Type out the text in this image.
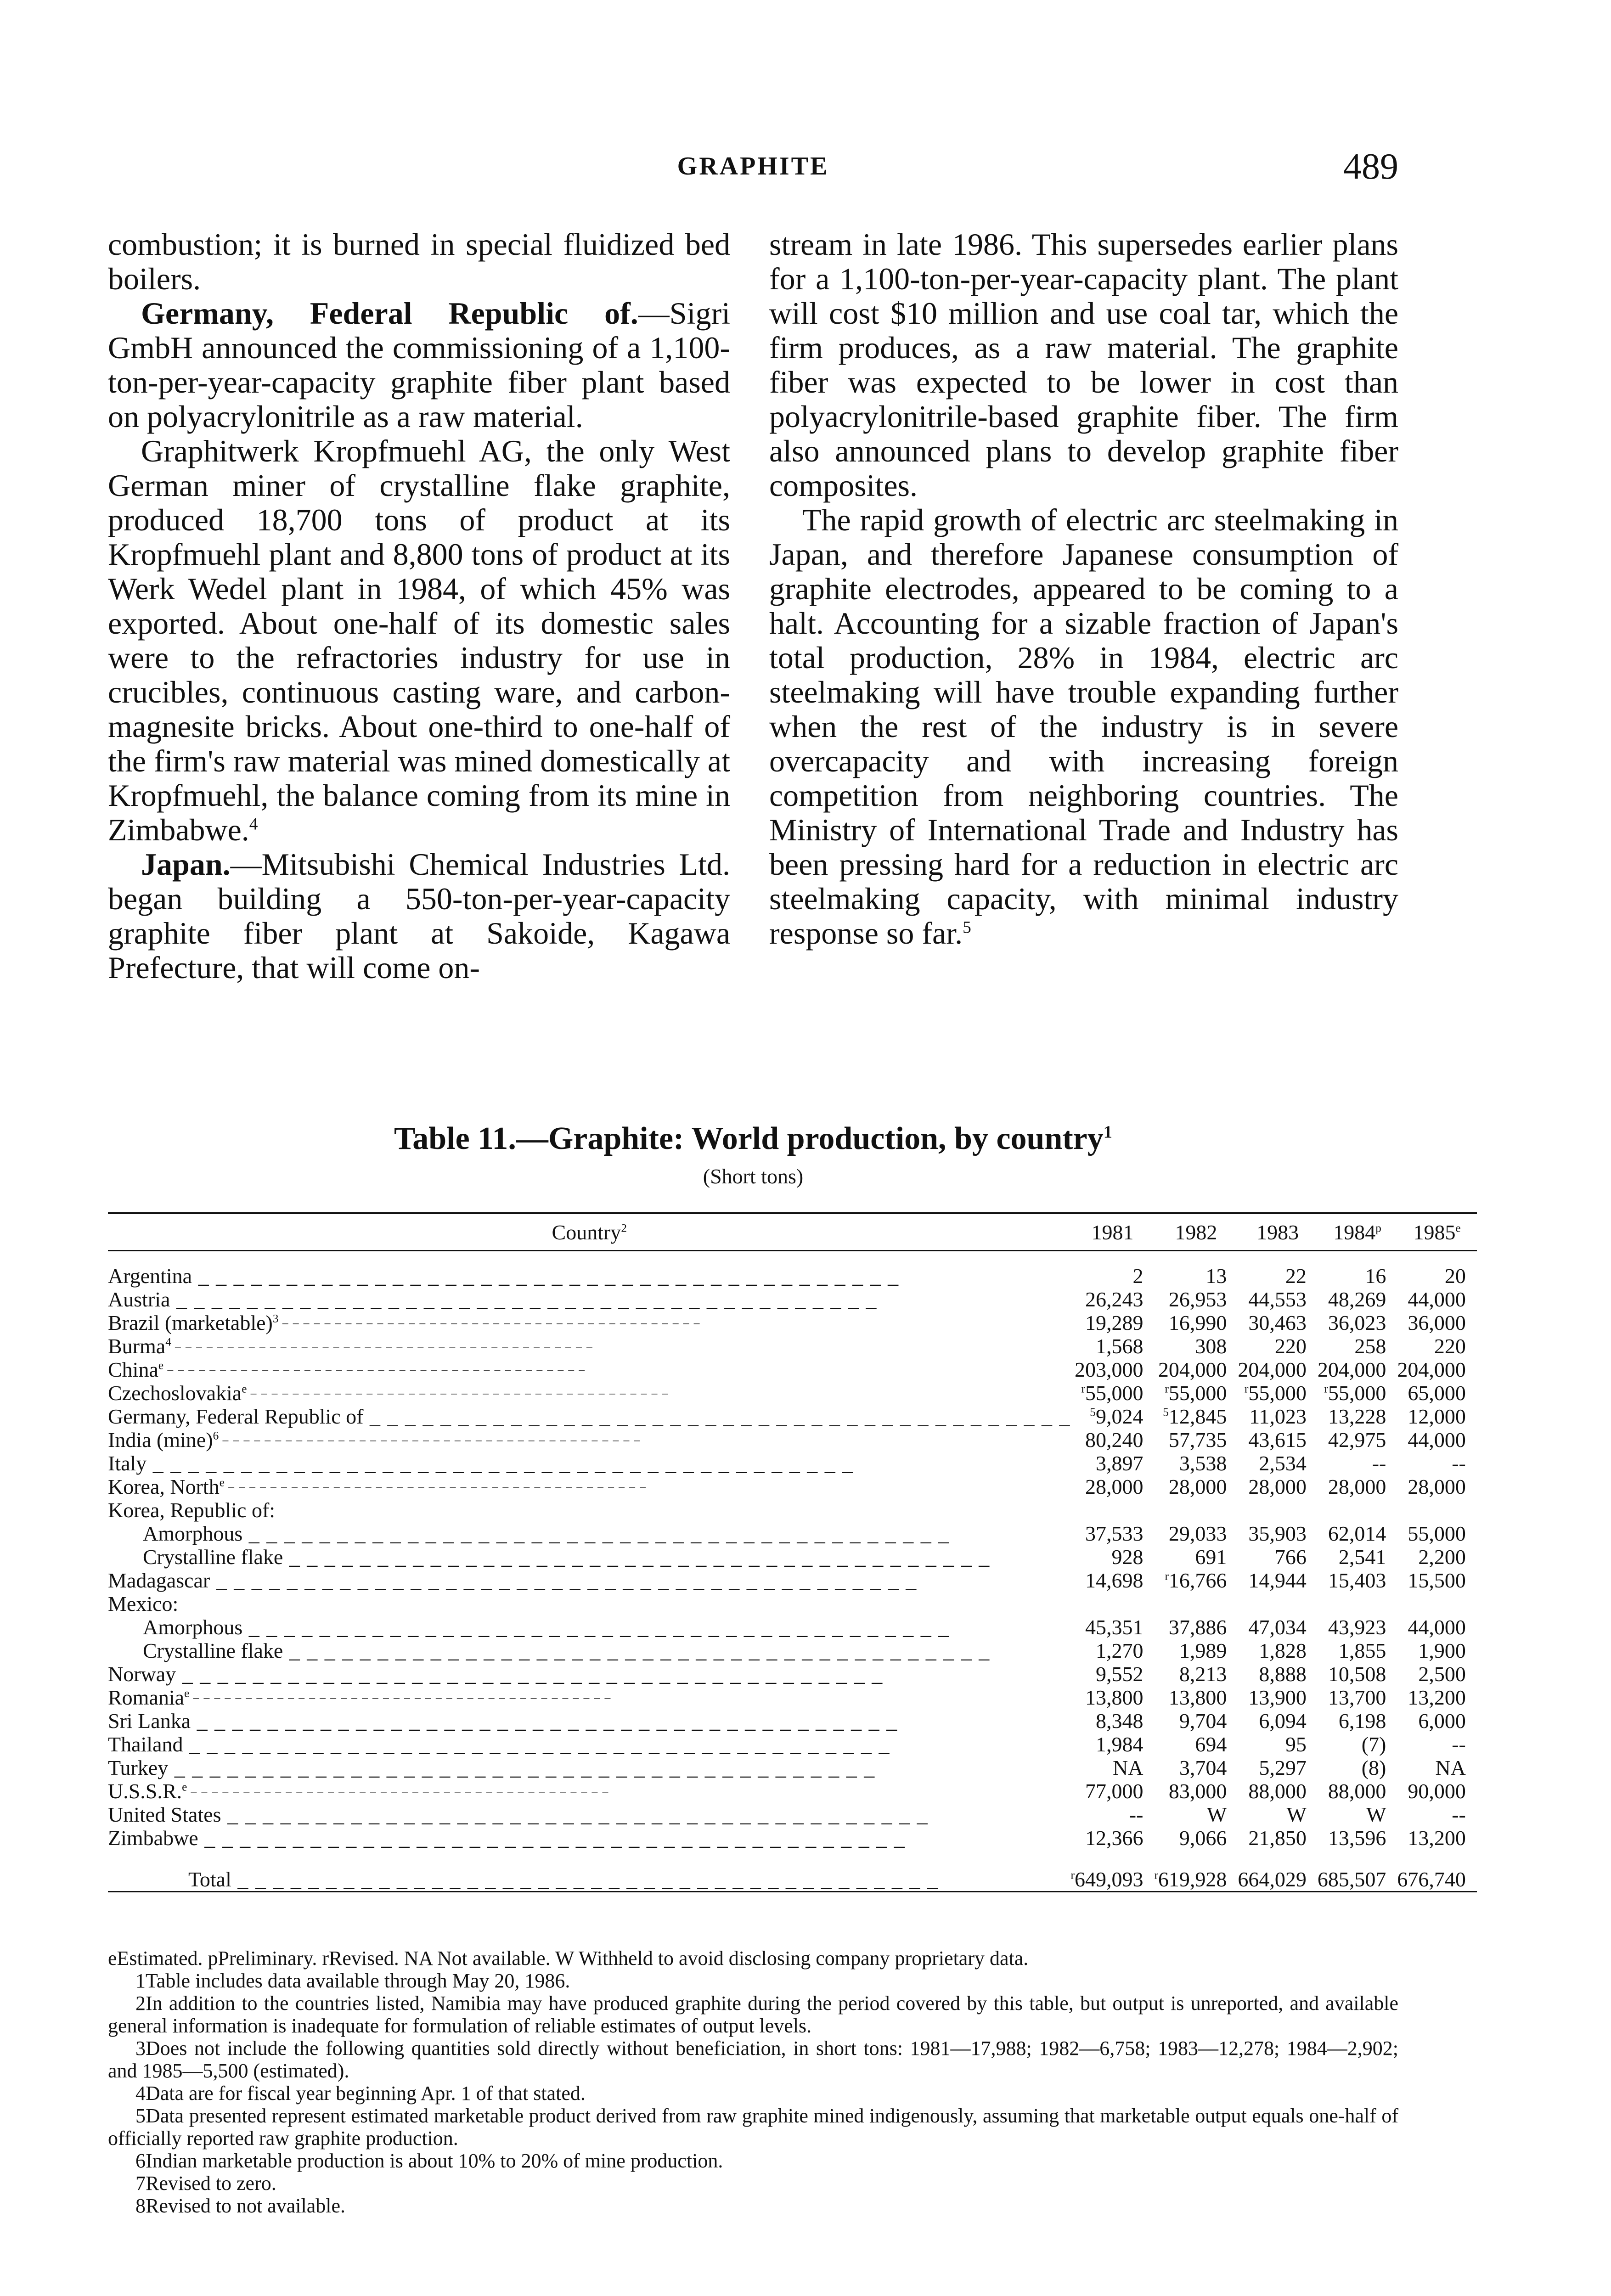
GRAPHITE	489

combustion; it is burned in special fluidized bed boilers.

Germany, Federal Republic of.—Sigri GmbH announced the commissioning of a 1,100-ton-per-year-capacity graphite fiber plant based on polyacrylonitrile as a raw material.

Graphitwerk Kropfmuehl AG, the only West German miner of crystalline flake graphite, produced 18,700 tons of product at its Kropfmuehl plant and 8,800 tons of product at its Werk Wedel plant in 1984, of which 45% was exported. About one-half of its domestic sales were to the refractories industry for use in crucibles, continuous casting ware, and carbon-magnesite bricks. About one-third to one-half of the firm's raw material was mined domestically at Kropfmuehl, the balance coming from its mine in Zimbabwe.$^4$

Japan.—Mitsubishi Chemical Industries Ltd. began building a 550-ton-per-year-capacity graphite fiber plant at Sakoide, Kagawa Prefecture, that will come on-

stream in late 1986. This supersedes earlier plans for a 1,100-ton-per-year-capacity plant. The plant will cost $10 million and use coal tar, which the firm produces, as a raw material. The graphite fiber was expected to be lower in cost than polyacrylonitrile-based graphite fiber. The firm also announced plans to develop graphite fiber composites.

The rapid growth of electric arc steelmaking in Japan, and therefore Japanese consumption of graphite electrodes, appeared to be coming to a halt. Accounting for a sizable fraction of Japan's total production, 28% in 1984, electric arc steelmaking will have trouble expanding further when the rest of the industry is in severe overcapacity and with increasing foreign competition from neighboring countries. The Ministry of International Trade and Industry has been pressing hard for a reduction in electric arc steelmaking capacity, with minimal industry response so far.$^5$

Table 11.—Graphite: World production, by country$^1$
(Short tons)
Country$^2$	1981	1982	1983	1984$^p$	1985e

Argentina _ _ _	2	13	22	16	20
Austria _ _ _	26,243	26,953	44,553	48,269	44,000
Brazil (marketable)$^3$ _ _ _	19,289	16,990	30,463	36,023	36,000
Burma$^4$ _ _ _	1,568	308	220	258	220
China$^e$ _ _ _	203,000	204,000	204,000	204,000	204,000
Czechoslovakia$^e$ _ _ _	$^r$55,000	$^r$55,000	$^r$55,000	$^r$55,000	65,000
Germany, Federal Republic of _ _ _	$^5$9,024	$^5$12,845	11,023	13,228	12,000
India $(\min e)^6$ _ _ _	80,240	57,735	43,615	42,975	44,000
Italy _ _ _	3,897	3,538	2,534	--	--
Korea, North$^e$ _ _ _	28,000	28,000	28,000	28,000	28,000
Korea, Republic of:					
Amorphous _ _ _	37,533	29,033	35,903	62,014	55,000
Crystalline flake _ _ _	928	691	766	2,541	2,200
Madagascar _ _ _	14,698	$^r$16,766	14,944	15,403	15,500
Mexico:					
Amorphous _ _ _	45,351	37,886	47,034	43,923	44,000
Crystalline flake _ _ _	1,270	1,989	1,828	1,855	1,900
Norway _ _ _	9,552	8,213	8,888	10,508	2,500
Romania$^e$ _ _ _	13,800	13,800	13,900	13,700	13,200
Sri Lanka _ _ _	8,348	9,704	6,094	6,198	6,000
Thailand _ _ _	1,984	694	95	(7)	--
Turkey _ _ _	NA	3,704	5,297	(8)	NA
U.S.S.R.$^e$ _ _ _	77,000	83,000	88,000	88,000	90,000
United States _ _ _	--	W	W	W	--
Zimbabwe _ _ _	12,366	9,066	21,850	13,596	13,200
Total _ _ _	$^r$649,093	$^r$619,928	664,029	685,507	676,740

eEstimated. pPreliminary. rRevised. NA Not available. W Withheld to avoid disclosing company proprietary data.

1Table includes data available through May 20, 1986.

2In addition to the countries listed, Namibia may have produced graphite during the period covered by this table, but output is unreported, and available general information is inadequate for formulation of reliable estimates of output levels.

3Does not include the following quantities sold directly without beneficiation, in short tons: 1981—17,988; 1982—6,758; 1983—12,278; 1984—2,902; and 1985—5,500 (estimated).

4Data are for fiscal year beginning Apr. 1 of that stated.

5Data presented represent estimated marketable product derived from raw graphite mined indigenously, assuming that marketable output equals one-half of officially reported raw graphite production.

6Indian marketable production is about 10% to 20% of mine production.

7Revised to zero.

8Revised to not available.
